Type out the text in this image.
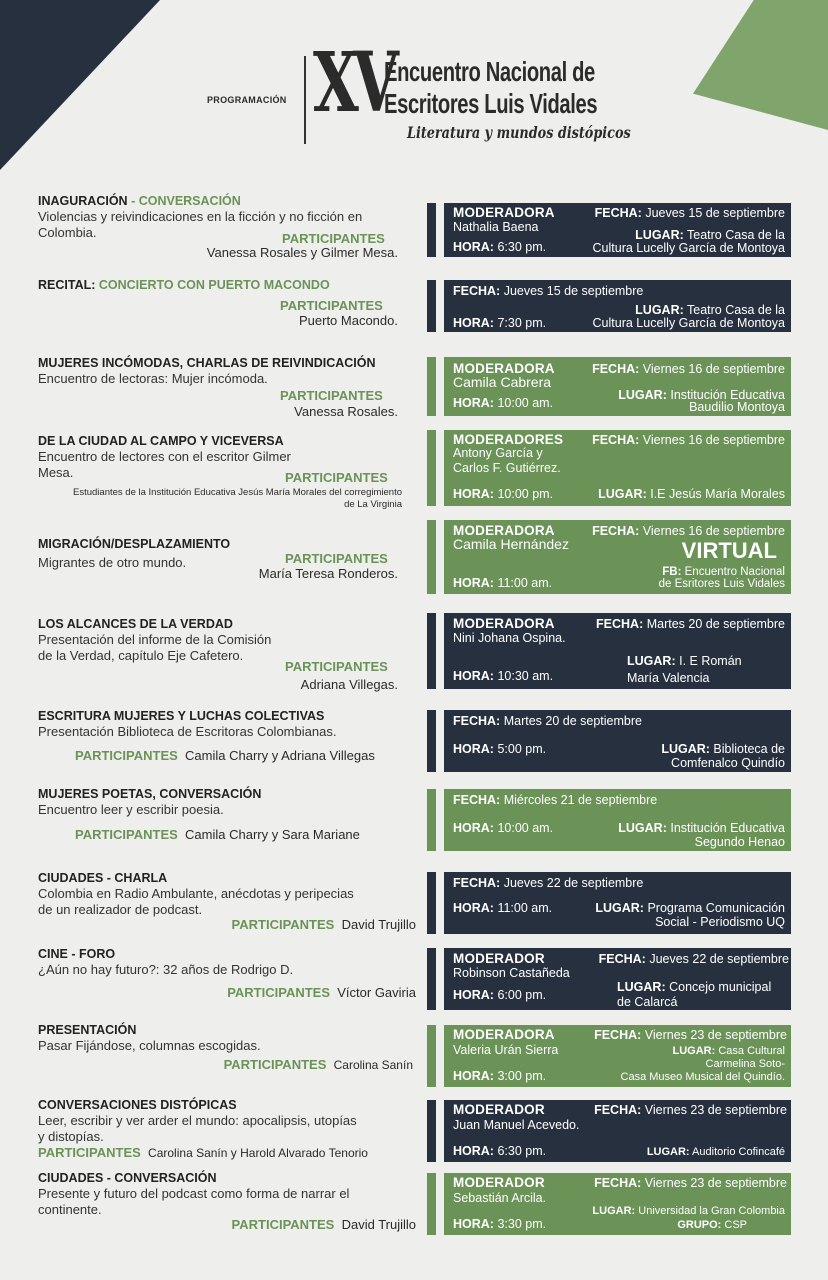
PROGRAMACIÓN XV
Encuentro Nacional de
Escritores Luis Vidales
Literatura y mundos distópicos
INAGURACIÓN - CONVERSACIÓN
Violencias y reivindicaciones en la ficción y no ficción en Colombia.	PARTICIPANTES
Vanessa Rosales y Gilmer Mesa.
MODERADORA
Nathalia Baena
FECHA: Jueves 15 de septiembre
LUGAR: Teatro Casa de la
Cultura Lucelly García de Montoya
HORA: 6:30 pm.
RECITAL: CONCIERTO CON PUERTO MACONDO
PARTICIPANTES
Puerto Macondo.
FECHA: Jueves 15 de septiembre
LUGAR: Teatro Casa de la
Cultura Lucelly García de Montoya
HORA: 7:30 pm.
MUJERES INCÓMODAS, CHARLAS DE REIVINDICACIÓN
Encuentro de lectoras: Mujer incómoda.
PARTICIPANTES
Vanessa Rosales.
MODERADORA
Camila Cabrera
FECHA: Viernes 16 de septiembre
LUGAR: Institución Educativa
Baudilio Montoya
HORA: 10:00 am.
DE LA CIUDAD AL CAMPO Y VICEVERSA
Encuentro de lectores con el escritor Gilmer Mesa.	PARTICIPANTES
Estudiantes de la Institución Educativa Jesús María Morales del corregimiento de La Virginia
MODERADORES
Antony García y
Carlos F. Gutiérrez.
FECHA: Viernes 16 de septiembre
HORA: 10:00 pm.	LUGAR: I.E Jesús María Morales
MIGRACIÓN/DESPLAZAMIENTO
Migrantes de otro mundo.	PARTICIPANTES
María Teresa Ronderos.
MODERADORA
Camila Hernández
FECHA: Viernes 16 de septiembre
VIRTUAL
FB: Encuentro Nacional
de Esritores Luis Vidales
HORA: 11:00 am.
LOS ALCANCES DE LA VERDAD
Presentación del informe de la Comisión
de la Verdad, capítulo Eje Cafetero.
PARTICIPANTES
Adriana Villegas.
MODERADORA
Nini Johana Ospina.
FECHA: Martes 20 de septiembre
LUGAR: I. E Román
María Valencia
HORA: 10:30 am.
ESCRITURA MUJERES Y LUCHAS COLECTIVAS
Presentación Biblioteca de Escritoras Colombianas.
PARTICIPANTES Camila Charry y Adriana Villegas
FECHA: Martes 20 de septiembre
HORA: 5:00 pm.	LUGAR: Biblioteca de
Comfenalco Quindío
MUJERES POETAS, CONVERSACIÓN
Encuentro leer y escribir poesia.
PARTICIPANTES Camila Charry y Sara Mariane
FECHA: Miércoles 21 de septiembre
HORA: 10:00 am.	LUGAR: Institución Educativa
Segundo Henao
CIUDADES - CHARLA
Colombia en Radio Ambulante, anécdotas y peripecias
de un realizador de podcast.
PARTICIPANTES David Trujillo
FECHA: Jueves 22 de septiembre
HORA: 11:00 am.	LUGAR: Programa Comunicación
Social - Periodismo UQ
CINE - FORO
¿Aún no hay futuro?: 32 años de Rodrigo D.
PARTICIPANTES Víctor Gaviria
MODERADOR
Robinson Castañeda
FECHA: Jueves 22 de septiembre
LUGAR: Concejo municipal
de Calarcá
HORA: 6:00 pm.
PRESENTACIÓN
Pasar Fijándose, columnas escogidas.
PARTICIPANTES Carolina Sanín
MODERADORA
Valeria Urán Sierra
FECHA: Viernes 23 de septiembre
LUGAR: Casa Cultural
Carmelina Soto-
Casa Museo Musical del Quindío.
HORA: 3:00 pm.
CONVERSACIONES DISTÓPICAS
Leer, escribir y ver arder el mundo: apocalipsis, utopías
y distopías.
PARTICIPANTES Carolina Sanín y Harold Alvarado Tenorio
MODERADOR
Juan Manuel Acevedo.
FECHA: Viernes 23 de septiembre
HORA: 6:30 pm.	LUGAR: Auditorio Cofincafé
CIUDADES - CONVERSACIÓN
Presente y futuro del podcast como forma de narrar el
continente.
PARTICIPANTES David Trujillo
MODERADOR
Sebastián Arcila.
FECHA: Viernes 23 de septiembre
LUGAR: Universidad la Gran Colombia
GRUPO: CSP
HORA: 3:30 pm.
